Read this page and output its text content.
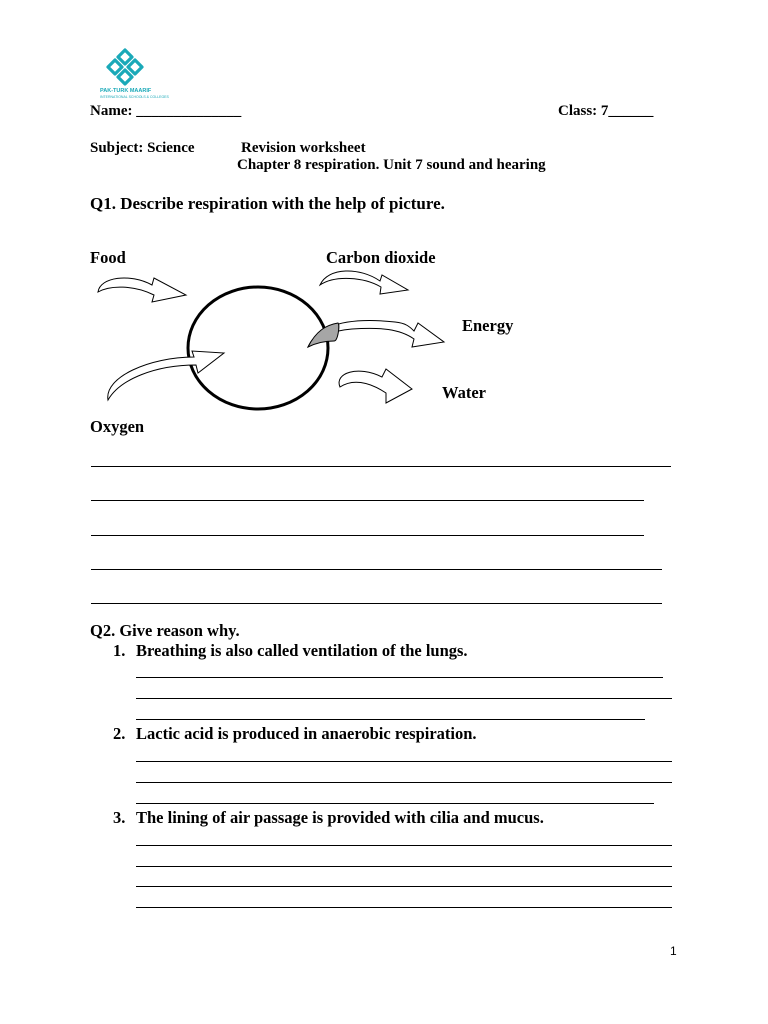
PAK-TURK MAARIF
INTERNATIONAL SCHOOLS & COLLEGES
Name: ______________	Class: 7______
Subject: Science	Revision worksheet
Chapter 8 respiration. Unit 7 sound and hearing
Q1. Describe respiration with the help of picture.
Food	Carbon dioxide
Energy
Water
Oxygen
Q2. Give reason why.
1. Breathing is also called ventilation of the lungs.
2. Lactic acid is produced in anaerobic respiration.
3. The lining of air passage is provided with cilia and mucus.
1
